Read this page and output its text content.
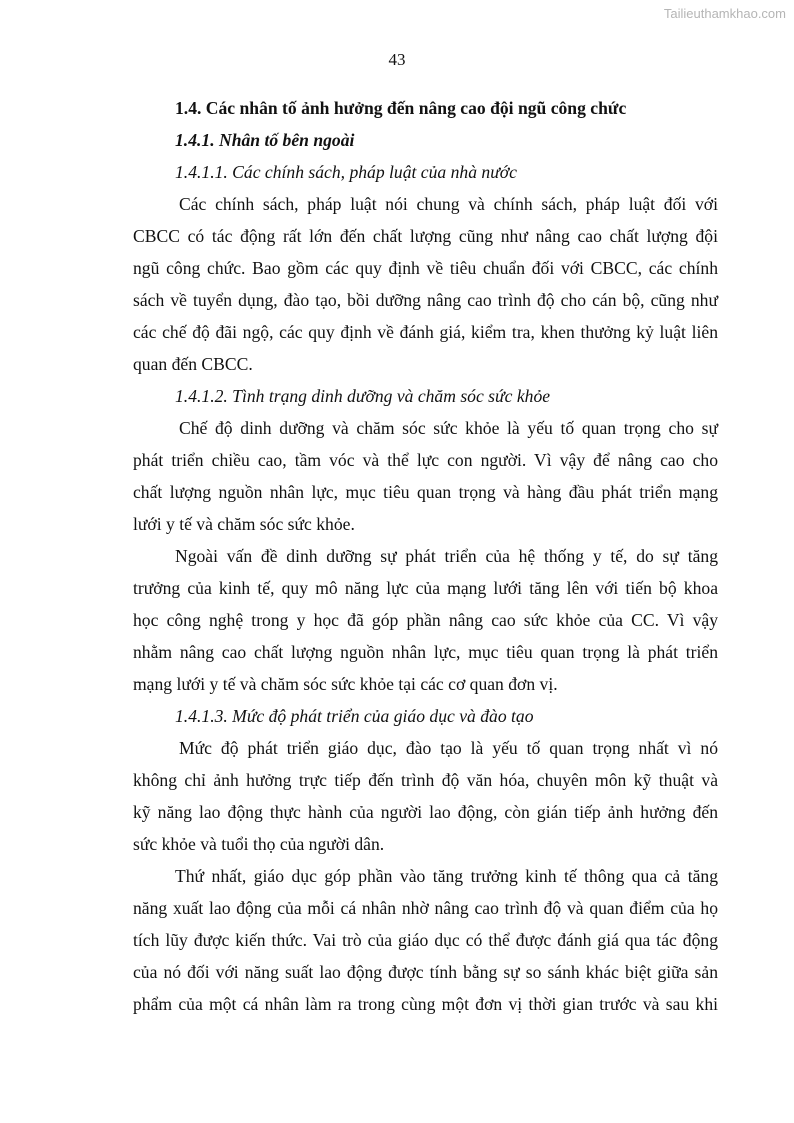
Tailieuthamkhao.com
43
1.4. Các nhân tố ảnh hưởng đến nâng cao đội ngũ công chức
1.4.1. Nhân tố bên ngoài
1.4.1.1. Các chính sách, pháp luật của nhà nước
Các chính sách, pháp luật nói chung và chính sách, pháp luật đối với
CBCC có tác động rất lớn đến chất lượng cũng như nâng cao chất lượng đội
ngũ công chức. Bao gồm các quy định về tiêu chuẩn đối với CBCC, các chính
sách về tuyển dụng, đào tạo, bồi dưỡng nâng cao trình độ cho cán bộ, cũng như
các chế độ đãi ngộ, các quy định về đánh giá, kiểm tra, khen thưởng kỷ luật liên
quan đến CBCC.
1.4.1.2. Tình trạng dinh dưỡng và chăm sóc sức khỏe
Chế độ dinh dưỡng và chăm sóc sức khỏe là yếu tố quan trọng cho sự
phát triển chiều cao, tầm vóc và thể lực con người. Vì vậy để nâng cao cho
chất lượng nguồn nhân lực, mục tiêu quan trọng và hàng đầu phát triển mạng
lưới y tế và chăm sóc sức khỏe.
Ngoài vấn đề dinh dưỡng sự phát triển của hệ thống y tế, do sự tăng
trưởng của kinh tế, quy mô năng lực của mạng lưới tăng lên với tiến bộ khoa
học công nghệ trong y học đã góp phần nâng cao sức khỏe của CC. Vì vậy
nhằm nâng cao chất lượng nguồn nhân lực, mục tiêu quan trọng là phát triển
mạng lưới y tế và chăm sóc sức khỏe tại các cơ quan đơn vị.
1.4.1.3. Mức độ phát triển của giáo dục và đào tạo
Mức độ phát triển giáo dục, đào tạo là yếu tố quan trọng nhất vì nó
không chỉ ảnh hưởng trực tiếp đến trình độ văn hóa, chuyên môn kỹ thuật và
kỹ năng lao động thực hành của người lao động, còn gián tiếp ảnh hưởng đến
sức khỏe và tuổi thọ của người dân.
Thứ nhất, giáo dục góp phần vào tăng trưởng kinh tế thông qua cả tăng
năng xuất lao động của mỗi cá nhân nhờ nâng cao trình độ và quan điểm của họ
tích lũy được kiến thức. Vai trò của giáo dục có thể được đánh giá qua tác động
của nó đối với năng suất lao động được tính bằng sự so sánh khác biệt giữa sản
phẩm của một cá nhân làm ra trong cùng một đơn vị thời gian trước và sau khi
